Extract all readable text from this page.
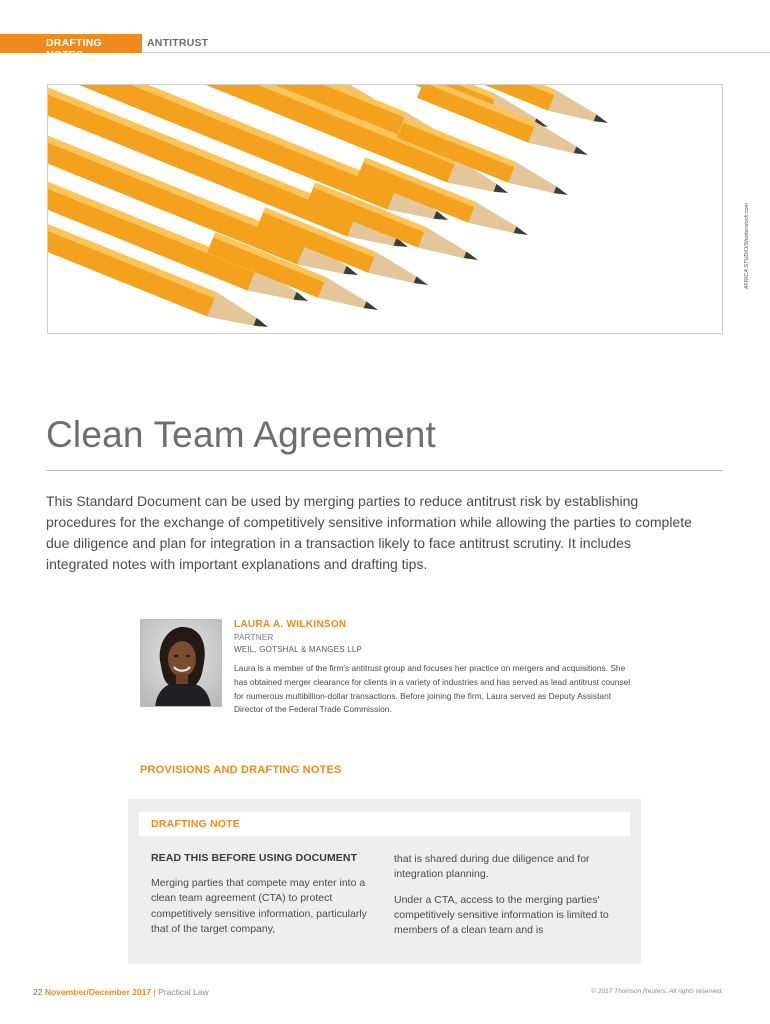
DRAFTING NOTES
ANTITRUST
AFRICA STUDIO/Shutterstock.com
Clean Team Agreement

This Standard Document can be used by merging parties to reduce antitrust risk by establishing procedures for the exchange of competitively sensitive information while allowing the parties to complete due diligence and plan for integration in a transaction likely to face antitrust scrutiny. It includes integrated notes with important explanations and drafting tips.

LAURA A. WILKINSON
PARTNER
WEIL, GOTSHAL & MANGES LLP

Laura is a member of the firm's antitrust group and focuses her practice on mergers and acquisitions. She has obtained merger clearance for clients in a variety of industries and has served as lead antitrust counsel for numerous multibillion-dollar transactions. Before joining the firm, Laura served as Deputy Assistant Director of the Federal Trade Commission.

PROVISIONS AND DRAFTING NOTES
DRAFTING NOTE
READ THIS BEFORE USING DOCUMENT

Merging parties that compete may enter into a clean team agreement (CTA) to protect competitively sensitive information, particularly that of the target company,

that is shared during due diligence and for integration planning.

Under a CTA, access to the merging parties' competitively sensitive information is limited to members of a clean team and is

22 November/December 2017 | Practical Law	© 2017 Thomson Reuters. All rights reserved.
